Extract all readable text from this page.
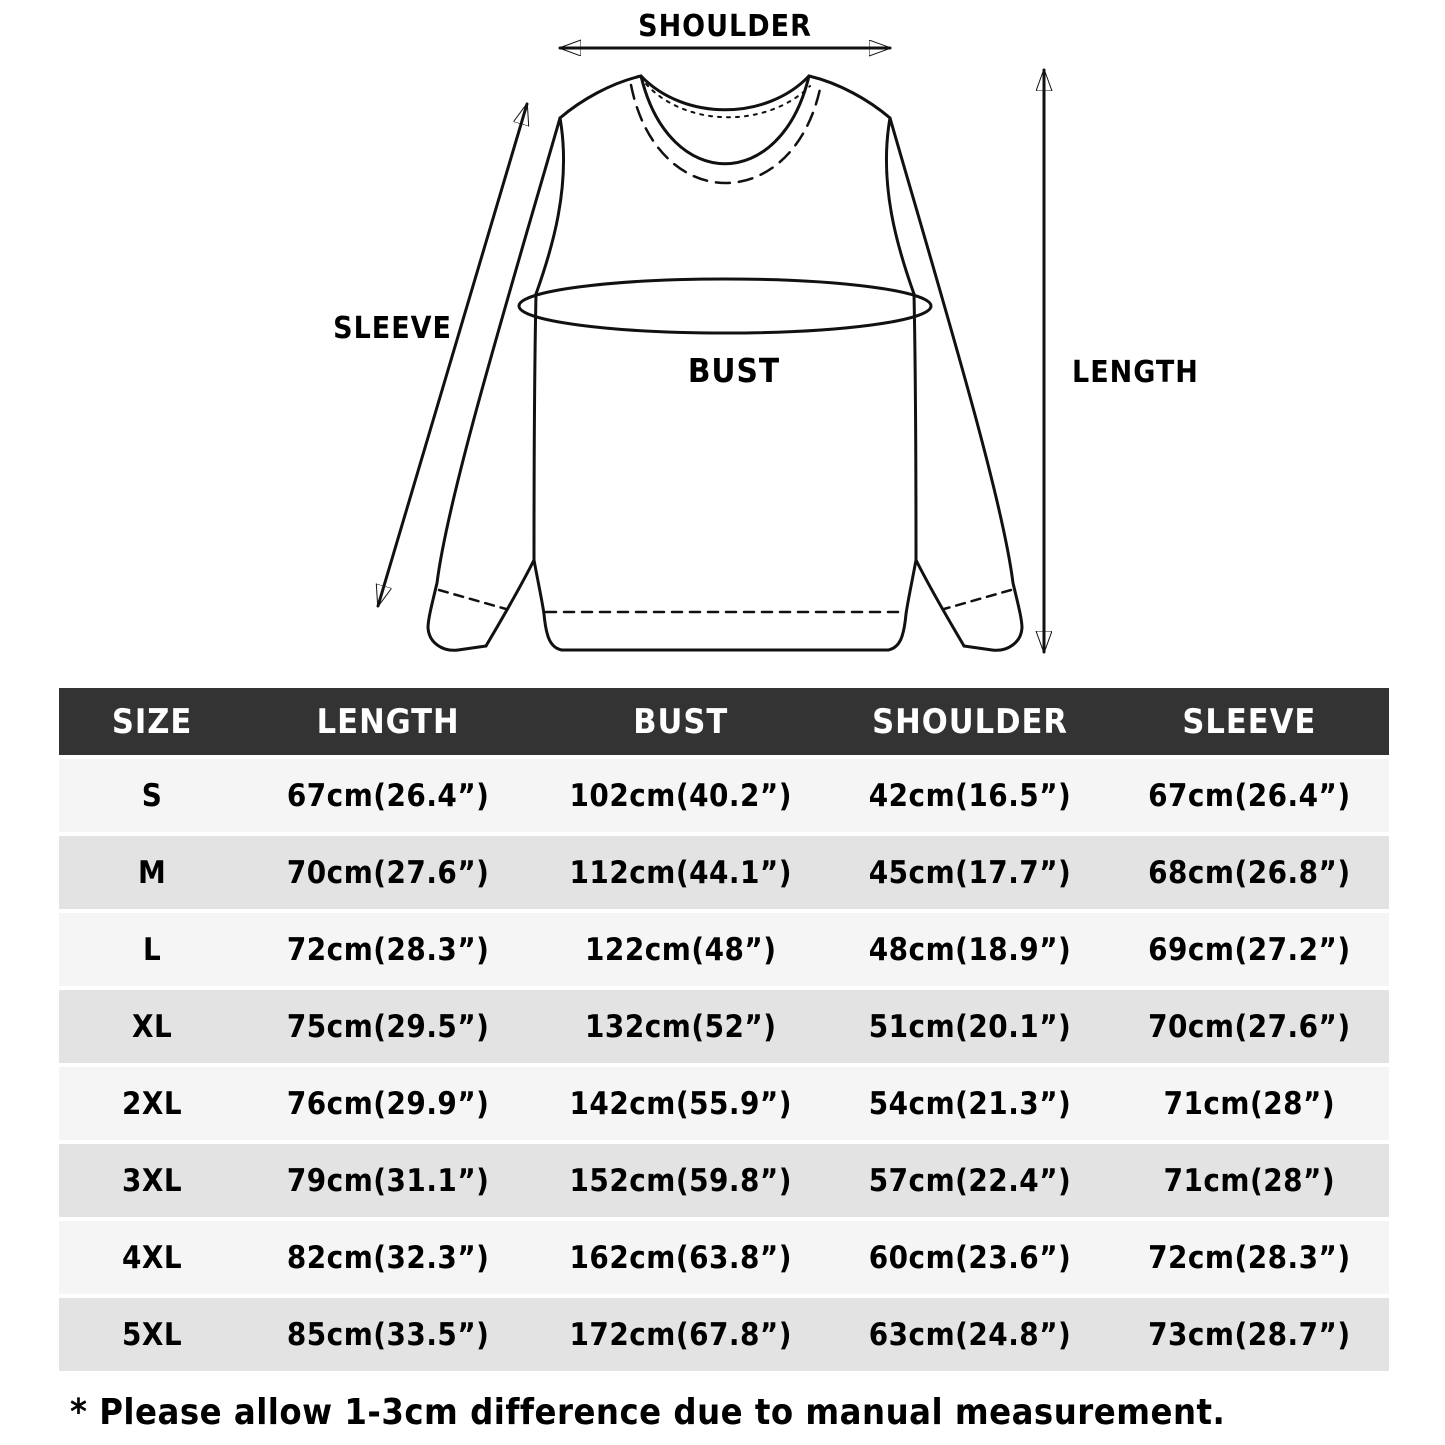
SHOULDER
SLEEVE
BUST	LENGTH
SIZE	LENGTH	BUST	SHOULDER	SLEEVE
S	67cm(26.4”)	102cm(40.2”)	42cm(16.5”)	67cm(26.4”)
M	70cm(27.6”)	112cm(44.1”)	45cm(17.7”)	68cm(26.8”)
L	72cm(28.3”)	122cm(48”)	48cm(18.9”)	69cm(27.2”)
XL	75cm(29.5”)	132cm(52”)	51cm(20.1”)	70cm(27.6”)
2XL	76cm(29.9”)	142cm(55.9”)	54cm(21.3”)	71cm(28”)
3XL	79cm(31.1”)	152cm(59.8”)	57cm(22.4”)	71cm(28”)
4XL	82cm(32.3”)	162cm(63.8”)	60cm(23.6”)	72cm(28.3”)
5XL	85cm(33.5”)	172cm(67.8”)	63cm(24.8”)	73cm(28.7”)

* Please allow 1-3cm difference due to manual measurement.
